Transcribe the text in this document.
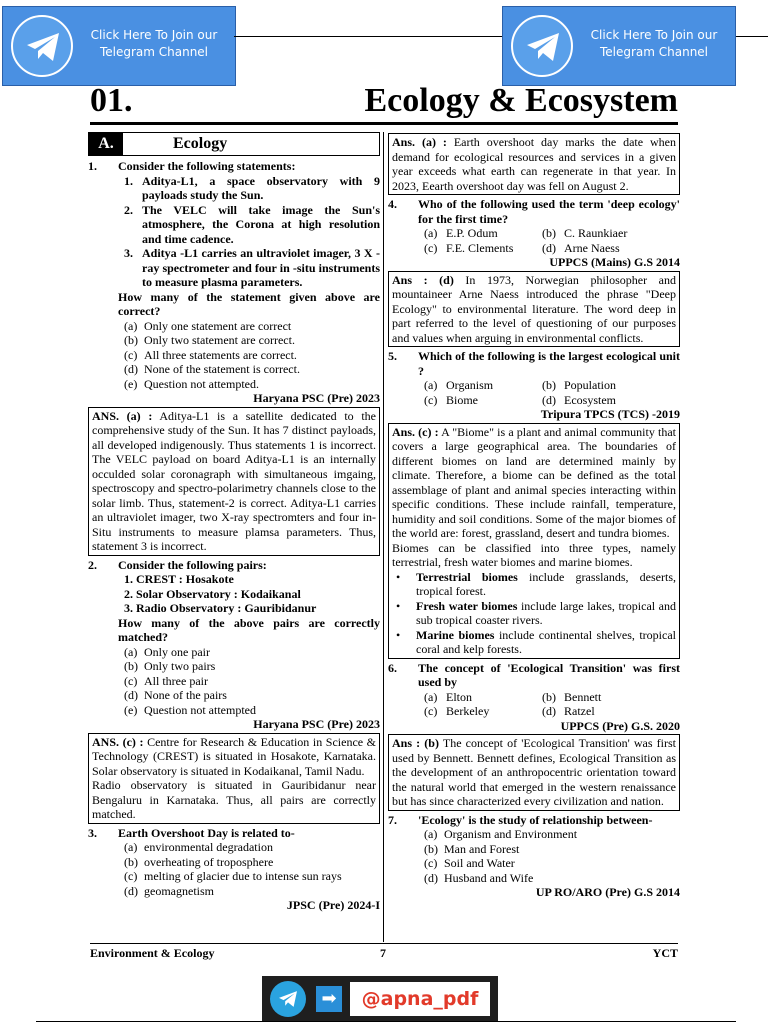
Click Here To Join our
Telegram Channel
Click Here To Join our
Telegram Channel
01.	Ecology & Ecosystem
A.	Ecology
1.	Consider the following statements:
1. Aditya-L1, a space observatory with 9 payloads study the Sun.
2. The VELC will take image the Sun's atmosphere, the Corona at high resolution and time cadence.
3. Aditya -L1 carries an ultraviolet imager, 3 X -ray spectrometer and four in -situ instruments to measure plasma parameters.
How many of the statement given above are correct?
(a) Only one statement are correct
(b) Only two statement are correct.
(c) All three statements are correct.
(d) None of the statement is correct.
(e) Question not attempted.
Haryana PSC (Pre) 2023
ANS. (a) : Aditya-L1 is a satellite dedicated to the comprehensive study of the Sun. It has 7 distinct payloads, all developed indigenously. Thus statements 1 is incorrect. The VELC payload on board Aditya-L1 is an internally occulded solar coronagraph with simultaneous imgaing, spectroscopy and spectro-polarimetry channels close to the solar limb. Thus, statement-2 is correct. Aditya-L1 carries an ultraviolet imager, two X-ray spectromters and four in-Situ instruments to measure plamsa parameters. Thus, statement 3 is incorrect.
2.	Consider the following pairs:
1. CREST : Hosakote
2. Solar Observatory : Kodaikanal
3. Radio Observatory : Gauribidanur
How many of the above pairs are correctly matched?
(a) Only one pair
(b) Only two pairs
(c) All three pair
(d) None of the pairs
(e) Question not attempted
Haryana PSC (Pre) 2023
ANS. (c) : Centre for Research & Education in Science & Technology (CREST) is situated in Hosakote, Karnataka. Solar observatory is situated in Kodaikanal, Tamil Nadu.
Radio observatory is situated in Gauribidanur near Bengaluru in Karnataka. Thus, all pairs are correctly matched.
3.	Earth Overshoot Day is related to-
(a) environmental degradation
(b) overheating of troposphere
(c) melting of glacier due to intense sun rays
(d) geomagnetism
JPSC (Pre) 2024-I
Ans. (a) : Earth overshoot day marks the date when demand for ecological resources and services in a given year exceeds what earth can regenerate in that year. In 2023, Eearth overshoot day was fell on August 2.
4.	Who of the following used the term 'deep ecology' for the first time?
(a) E.P. Odum	(b) C. Raunkiaer
(c) F.E. Clements (d) Arne Naess
UPPCS (Mains) G.S 2014
Ans : (d) In 1973, Norwegian philosopher and mountaineer Arne Naess introduced the phrase "Deep Ecology" to environmental literature. The word deep in part referred to the level of questioning of our purposes and values when arguing in environmental conflicts.
5.	Which of the following is the largest ecological unit ?
(a) Organism	(b) Population
(c) Biome	(d) Ecosystem
Tripura TPCS (TCS) -2019
Ans. (c) : A "Biome" is a plant and animal community that covers a large geographical area. The boundaries of different biomes on land are determined mainly by climate. Therefore, a biome can be defined as the total assemblage of plant and animal species interacting within specific conditions. These include rainfall, temperature, humidity and soil conditions. Some of the major biomes of the world are: forest, grassland, desert and tundra biomes.
Biomes can be classified into three types, namely terrestrial, fresh water biomes and marine biomes.
•	Terrestrial biomes include grasslands, deserts, tropical forest.
•	Fresh water biomes include large lakes, tropical and sub tropical coaster rivers.
•	Marine biomes include continental shelves, tropical coral and kelp forests.
6.	The concept of 'Ecological Transition' was first used by
(a) Elton	(b) Bennett
(c) Berkeley	(d) Ratzel
UPPCS (Pre) G.S. 2020
Ans : (b) The concept of 'Ecological Transition' was first used by Bennett. Bennett defines, Ecological Transition as the development of an anthropocentric orientation toward the natural world that emerged in the western renaissance but has since characterized every civilization and nation.
7.	'Ecology' is the study of relationship between-
(a) Organism and Environment
(b) Man and Forest
(c) Soil and Water
(d) Husband and Wife
UP RO/ARO (Pre) G.S 2014
Environment & Ecology	7	YCT
➡	@apna_pdf
